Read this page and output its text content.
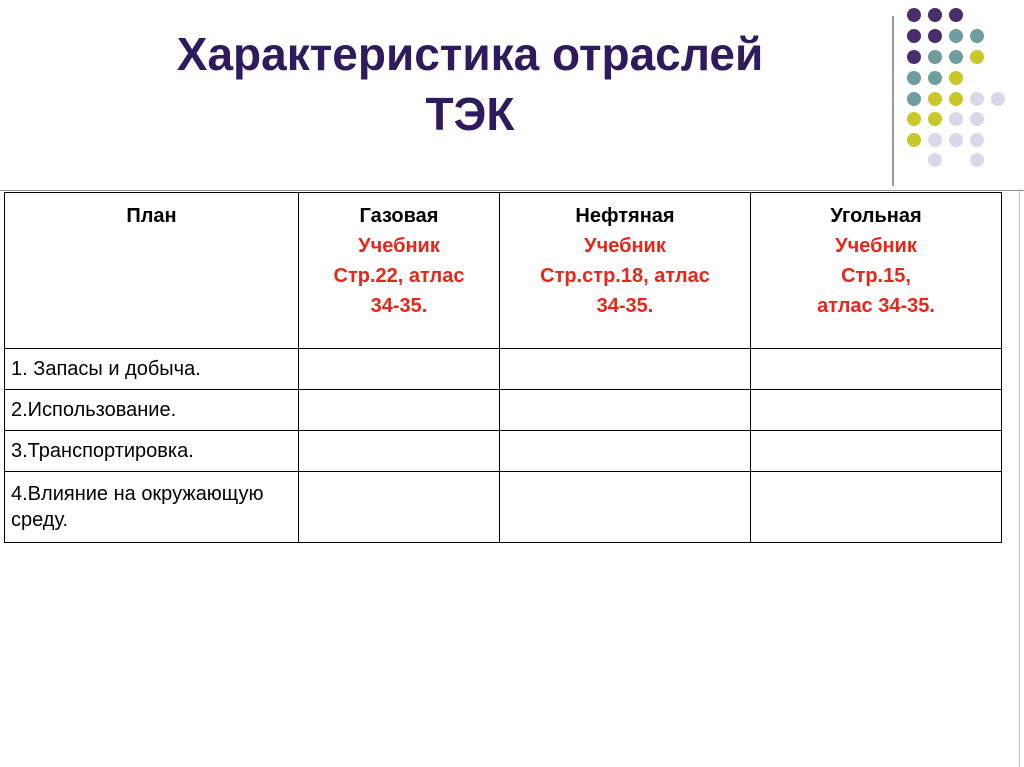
Характеристика отраслей
ТЭК
План	Газовая
Учебник
Стр.22, атлас
34-35.	Нефтяная
Учебник
Стр.стр.18, атлас
34-35.	Угольная
Учебник
Стр.15,
атлас 34-35.

1. Запасы и добыча.			
2.Использование.			
3.Транспортировка.			
4.Влияние на окружающую среду.			
